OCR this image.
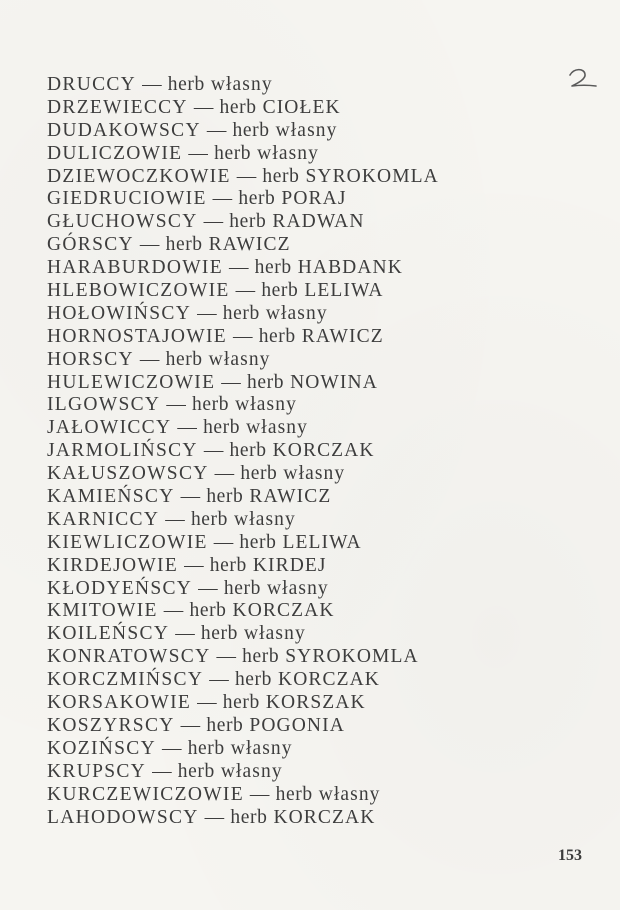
DRUCCY — herb własny
DRZEWIECCY — herb CIOŁEK
DUDAKOWSCY — herb własny
DULICZOWIE — herb własny
DZIEWOCZKOWIE — herb SYROKOMLA
GIEDRUCIOWIE — herb PORAJ
GŁUCHOWSCY — herb RADWAN
GÓRSCY — herb RAWICZ
HARABURDOWIE — herb HABDANK
HLEBOWICZOWIE — herb LELIWA
HOŁOWIŃSCY — herb własny
HORNOSTAJOWIE — herb RAWICZ
HORSCY — herb własny
HULEWICZOWIE — herb NOWINA
ILGOWSCY — herb własny
JAŁOWICCY — herb własny
JARMOLIŃSCY — herb KORCZAK
KAŁUSZOWSCY — herb własny
KAMIEŃSCY — herb RAWICZ
KARNICCY — herb własny
KIEWLICZOWIE — herb LELIWA
KIRDEJOWIE — herb KIRDEJ
KŁODYEŃSCY — herb własny
KMITOWIE — herb KORCZAK
KOILEŃSCY — herb własny
KONRATOWSCY — herb SYROKOMLA
KORCZMIŃSCY — herb KORCZAK
KORSAKOWIE — herb KORSZAK
KOSZYRSCY — herb POGONIA
KOZIŃSCY — herb własny
KRUPSCY — herb własny
KURCZEWICZOWIE — herb własny
LAHODOWSCY — herb KORCZAK
153
